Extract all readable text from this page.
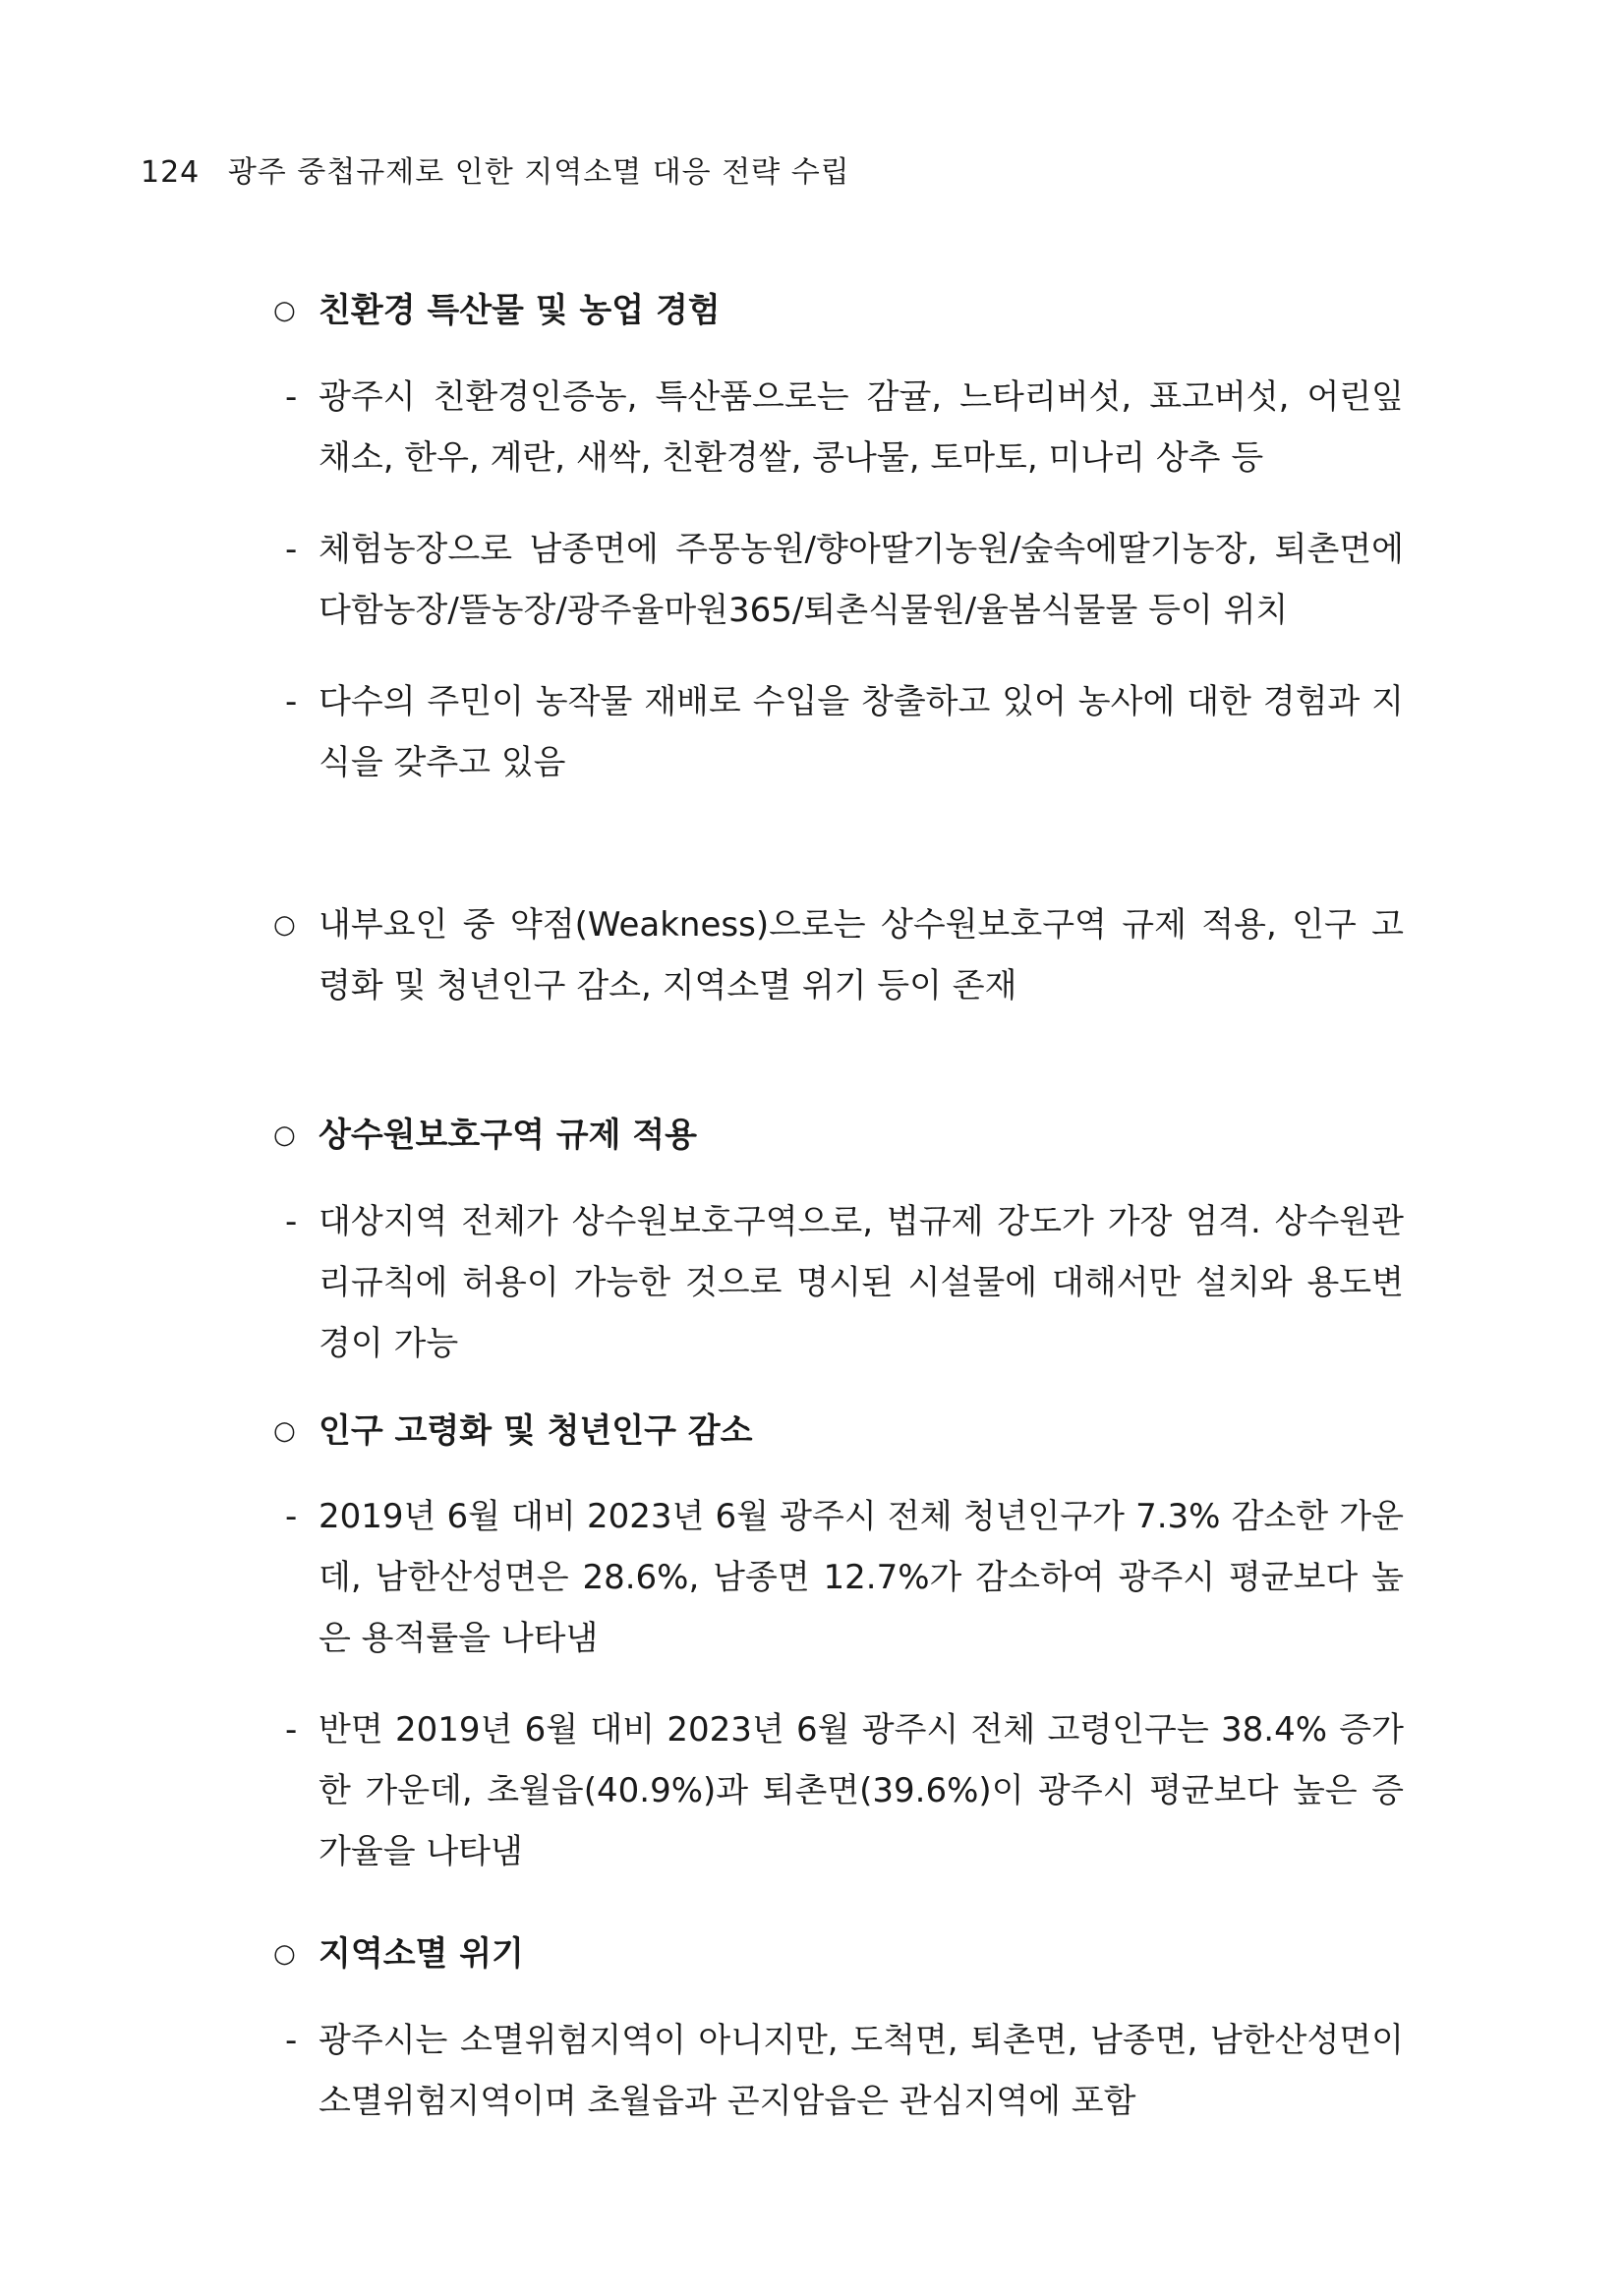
124 광주 중첩규제로 인한 지역소멸 대응 전략 수립
○ 친환경 특산물 및 농업 경험
- 광주시 친환경인증농, 특산품으로는 감귤, 느타리버섯, 표고버섯, 어린잎 채소, 한우, 계란, 새싹, 친환경쌀, 콩나물, 토마토, 미나리 상추 등
- 체험농장으로 남종면에 주몽농원/향아딸기농원/숲속에딸기농장, 퇴촌면에 다함농장/뜰농장/광주율마원365/퇴촌식물원/율봄식물물 등이 위치
- 다수의 주민이 농작물 재배로 수입을 창출하고 있어 농사에 대한 경험과 지식을 갖추고 있음
○ 내부요인 중 약점(Weakness)으로는 상수원보호구역 규제 적용, 인구 고령화 및 청년인구 감소, 지역소멸 위기 등이 존재
○ 상수원보호구역 규제 적용
- 대상지역 전체가 상수원보호구역으로, 법규제 강도가 가장 엄격. 상수원관리규칙에 허용이 가능한 것으로 명시된 시설물에 대해서만 설치와 용도변경이 가능
○ 인구 고령화 및 청년인구 감소
- 2019년 6월 대비 2023년 6월 광주시 전체 청년인구가 7.3% 감소한 가운데, 남한산성면은 28.6%, 남종면 12.7%가 감소하여 광주시 평균보다 높은 용적률을 나타냄
- 반면 2019년 6월 대비 2023년 6월 광주시 전체 고령인구는 38.4% 증가한 가운데, 초월읍(40.9%)과 퇴촌면(39.6%)이 광주시 평균보다 높은 증가율을 나타냄
○ 지역소멸 위기
- 광주시는 소멸위험지역이 아니지만, 도척면, 퇴촌면, 남종면, 남한산성면이 소멸위험지역이며 초월읍과 곤지암읍은 관심지역에 포함
